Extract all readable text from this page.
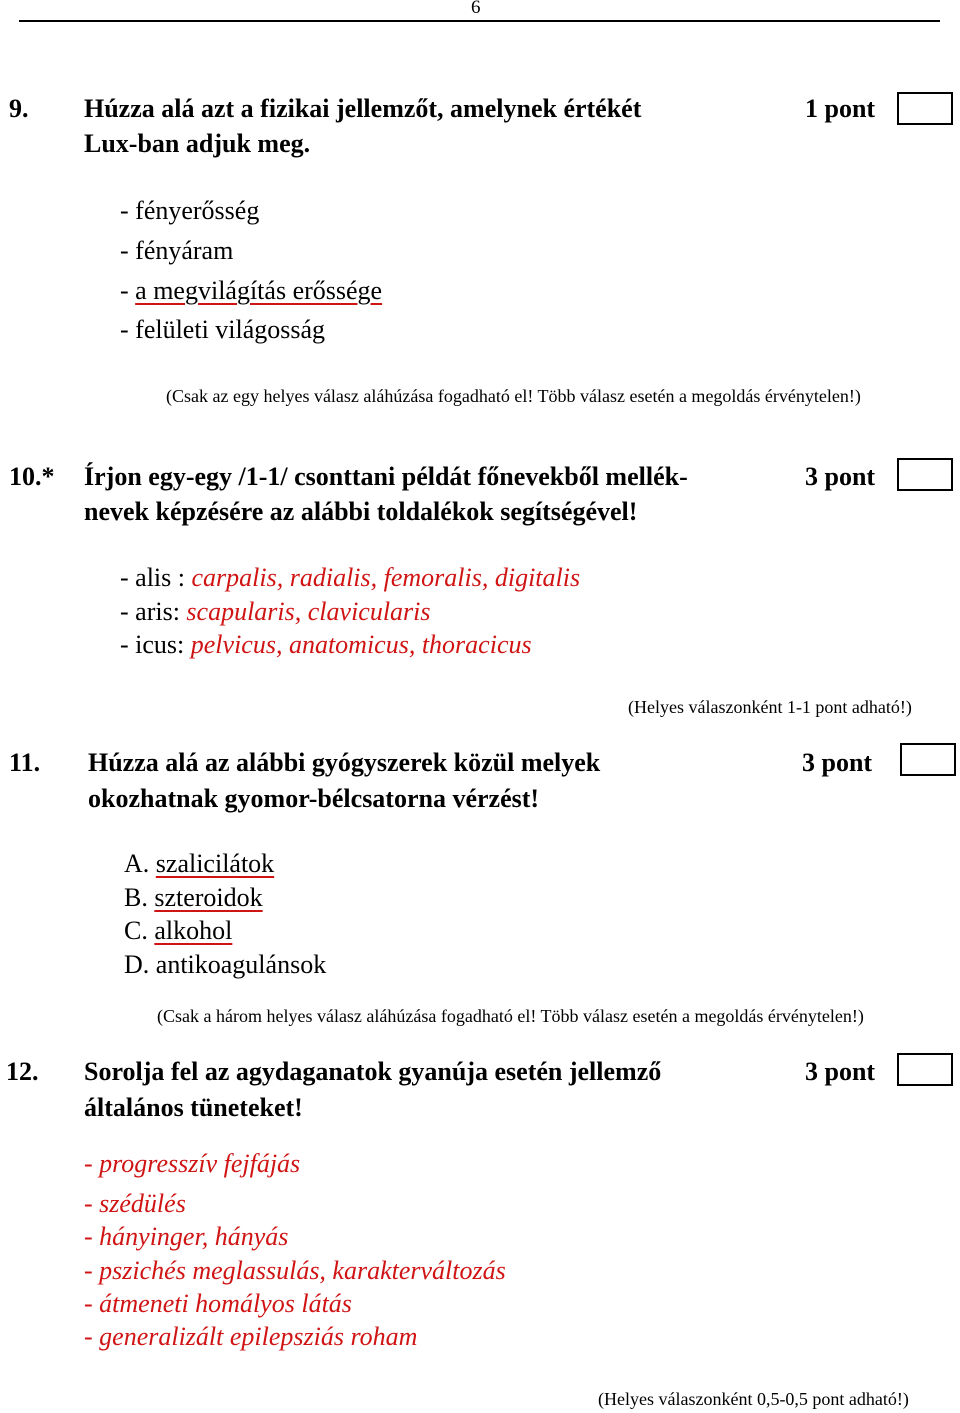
6
9. Húzza alá azt a fizikai jellemzőt, amelynek értékét
Lux-ban adjuk meg.
1 pont
- fényerősség
- fényáram
- a megvilágítás erőssége
- felületi világosság
(Csak az egy helyes válasz aláhúzása fogadható el! Több válasz esetén a megoldás érvénytelen!)
10.* Írjon egy-egy /1-1/ csonttani példát főnevekből mellék-
nevek képzésére az alábbi toldalékok segítségével!
3 pont
- alis : carpalis, radialis, femoralis, digitalis
- aris: scapularis, clavicularis
- icus: pelvicus, anatomicus, thoracicus
(Helyes válaszonként 1-1 pont adható!)
11. Húzza alá az alábbi gyógyszerek közül melyek
okozhatnak gyomor-bélcsatorna vérzést!
3 pont
A. szalicilátok
B. szteroidok
C. alkohol
D. antikoagulánsok
(Csak a három helyes válasz aláhúzása fogadható el! Több válasz esetén a megoldás érvénytelen!)
12. Sorolja fel az agydaganatok gyanúja esetén jellemző
általános tüneteket!
3 pont
- progresszív fejfájás
- szédülés
- hányinger, hányás
- pszichés meglassulás, karakterváltozás
- átmeneti homályos látás
- generalizált epilepsziás roham
(Helyes válaszonként 0,5-0,5 pont adható!)
